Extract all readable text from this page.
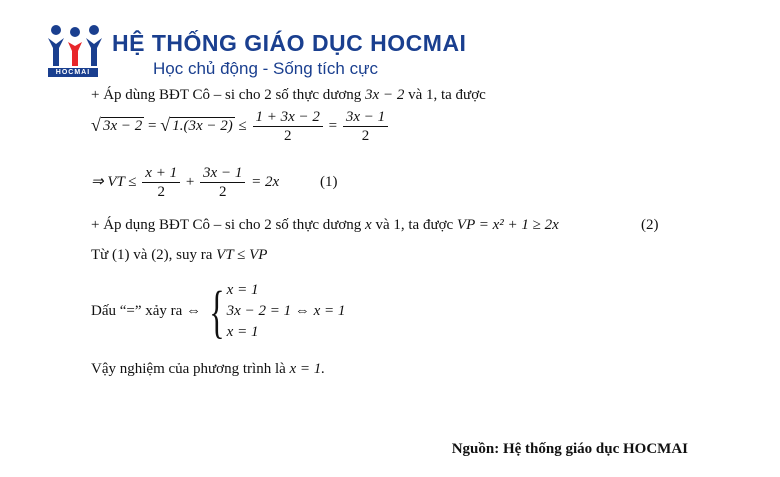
HOCMAI
HỆ THỐNG GIÁO DỤC HOCMAI
Học chủ động - Sống tích cực
+ Áp dùng BĐT Cô – si cho 2 số thực dương 3x − 2 và 1, ta được
√ 3x − 2 = √ $1.(3x - 2) \le \frac{1 + 3x - 2}{2} = \frac{3x - 1}{2}$
⇒ VT ≤ $\frac{x + 1}{2} + \frac{3x - 1}{2} = 2x$	(1)
+ Áp dụng BĐT Cô – si cho 2 số thực dương x và 1, ta được VP = x² + 1 ≥ 2x	(2)
Từ (1) và (2), suy ra VT ≤ VP
Dấu “=” xảy ra ⇔ { x = 1
3x − 2 = 1 ⇔ x = 1
x = 1
Vậy nghiệm của phương trình là x = 1.
Nguồn: Hệ thống giáo dục HOCMAI
